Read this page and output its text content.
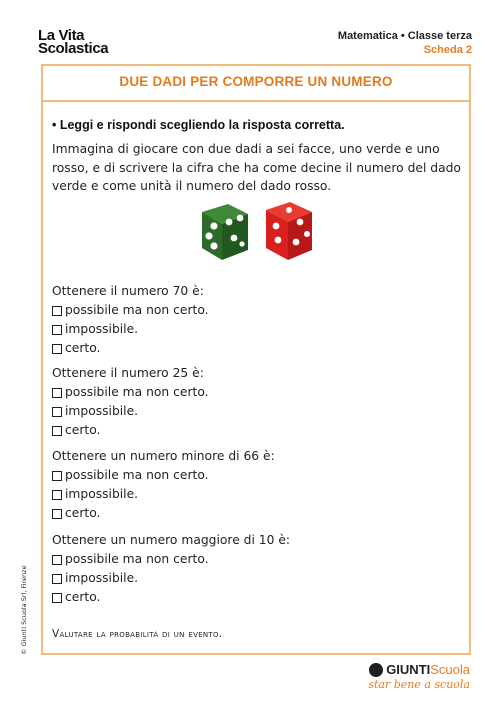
La Vita
Scolastica
Matematica • Classe terza
Scheda 2
DUE DADI PER COMPORRE UN NUMERO
• Leggi e rispondi scegliendo la risposta corretta.
Immagina di giocare con due dadi a sei facce, uno verde e uno rosso, e di scrivere la cifra che ha come decine il numero del dado verde e come unità il numero del dado rosso.
Ottenere il numero 70 è:
possibile ma non certo.
impossibile.
certo.
Ottenere il numero 25 è:
possibile ma non certo.
impossibile.
certo.
Ottenere un numero minore di 66 è:
possibile ma non certo.
impossibile.
certo.
Ottenere un numero maggiore di 10 è:
possibile ma non certo.
impossibile.
certo.
Valutare la probabilità di un evento.
© Giunti Scuola Srl, Firenze
GIUNTI Scuola
star bene a scuola
